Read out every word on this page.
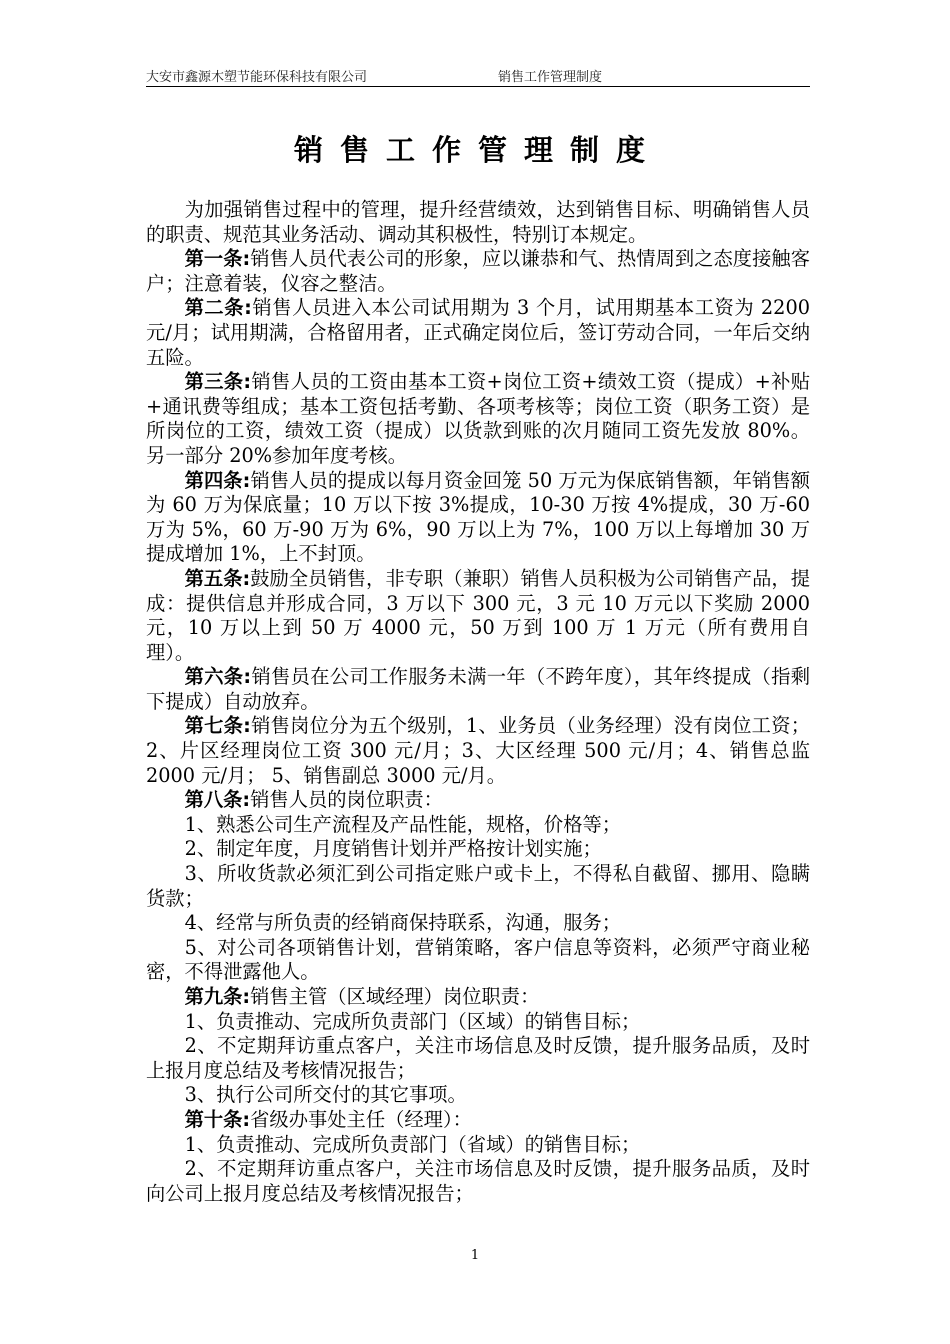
大安市鑫源木塑节能环保科技有限公司	销售工作管理制度
销售工作管理制度

为加强销售过程中的管理，提升经营绩效，达到销售目标、明确销售人员的职责、规范其业务活动、调动其积极性，特别订本规定。

第一条:销售人员代表公司的形象，应以谦恭和气、热情周到之态度接触客户；注意着装，仪容之整洁。

第二条:销售人员进入本公司试用期为 3 个月，试用期基本工资为 2200 元/月；试用期满，合格留用者，正式确定岗位后，签订劳动合同，一年后交纳五险。

第三条:销售人员的工资由基本工资+岗位工资+绩效工资（提成）+补贴+通讯费等组成；基本工资包括考勤、各项考核等；岗位工资（职务工资）是所岗位的工资，绩效工资（提成）以货款到账的次月随同工资先发放 80%。另一部分 20%参加年度考核。

第四条:销售人员的提成以每月资金回笼 50 万元为保底销售额，年销售额为 60 万为保底量；10 万以下按 3%提成，10-30 万按 4%提成，30 万-60 万为 5%，60 万-90 万为 6%，90 万以上为 7%，100 万以上每增加 30 万提成增加 1%，上不封顶。

第五条:鼓励全员销售，非专职（兼职）销售人员积极为公司销售产品，提成：提供信息并形成合同，3 万以下 300 元，3 元 10 万元以下奖励 2000 元，10 万以上到 50 万 4000 元，50 万到 100 万 1 万元（所有费用自理）。

第六条:销售员在公司工作服务未满一年（不跨年度），其年终提成（指剩下提成）自动放弃。

第七条:销售岗位分为五个级别，1、业务员（业务经理）没有岗位工资；2、片区经理岗位工资 300 元/月；3、大区经理 500 元/月；4、销售总监 2000 元/月； 5、销售副总 3000 元/月。

第八条:销售人员的岗位职责：

1、熟悉公司生产流程及产品性能，规格，价格等；

2、制定年度，月度销售计划并严格按计划实施；

3、所收货款必须汇到公司指定账户或卡上，不得私自截留、挪用、隐瞒货款；

4、经常与所负责的经销商保持联系，沟通，服务；

5、对公司各项销售计划，营销策略，客户信息等资料，必须严守商业秘密，不得泄露他人。

第九条:销售主管（区域经理）岗位职责：

1、负责推动、完成所负责部门（区域）的销售目标；

2、不定期拜访重点客户，关注市场信息及时反馈，提升服务品质，及时上报月度总结及考核情况报告；

3、执行公司所交付的其它事项。

第十条:省级办事处主任（经理）：

1、负责推动、完成所负责部门（省域）的销售目标；

2、不定期拜访重点客户，关注市场信息及时反馈，提升服务品质，及时向公司上报月度总结及考核情况报告；

1
